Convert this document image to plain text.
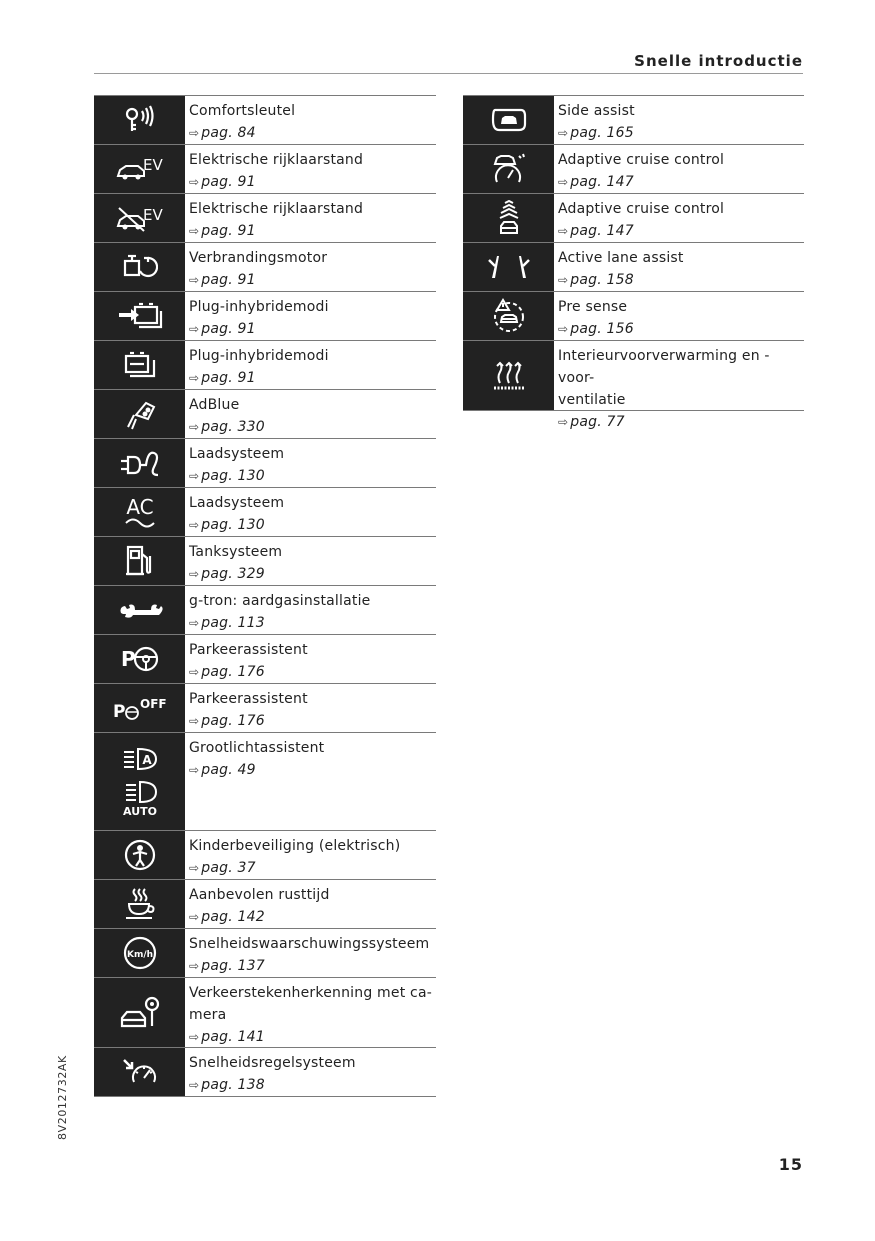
Snelle introductie
Comfortsleutel
⇨ pag. 84
EV Elektrische rijklaarstand
⇨ pag. 91
EV Elektrische rijklaarstand
⇨ pag. 91
Verbrandingsmotor
⇨ pag. 91
Plug-inhybridemodi
⇨ pag. 91
Plug-inhybridemodi
⇨ pag. 91
AdBlue
⇨ pag. 330
Laadsysteem
⇨ pag. 130
AC	Laadsysteem
⇨ pag. 130
Tanksysteem
⇨ pag. 329
g-tron: aardgasinstallatie
⇨ pag. 113
P	Parkeerassistent
⇨ pag. 176
P OFF Parkeerassistent
⇨ pag. 176
A
AUTO
Grootlichtassistent
⇨ pag. 49
Kinderbeveiliging (elektrisch)
⇨ pag. 37
Aanbevolen rusttijd
⇨ pag. 142
Km/h
Snelheidswaarschuwingssysteem
⇨ pag. 137
Verkeerstekenherkenning met ca-
mera
⇨ pag. 141
Snelheidsregelsysteem
⇨ pag. 138
Side assist
⇨ pag. 165
Adaptive cruise control
⇨ pag. 147
Adaptive cruise control
⇨ pag. 147
Active lane assist
⇨ pag. 158
Pre sense
⇨ pag. 156
Interieurvoorverwarming en -voor-
ventilatie
⇨ pag. 77
8V2012732AK
15
